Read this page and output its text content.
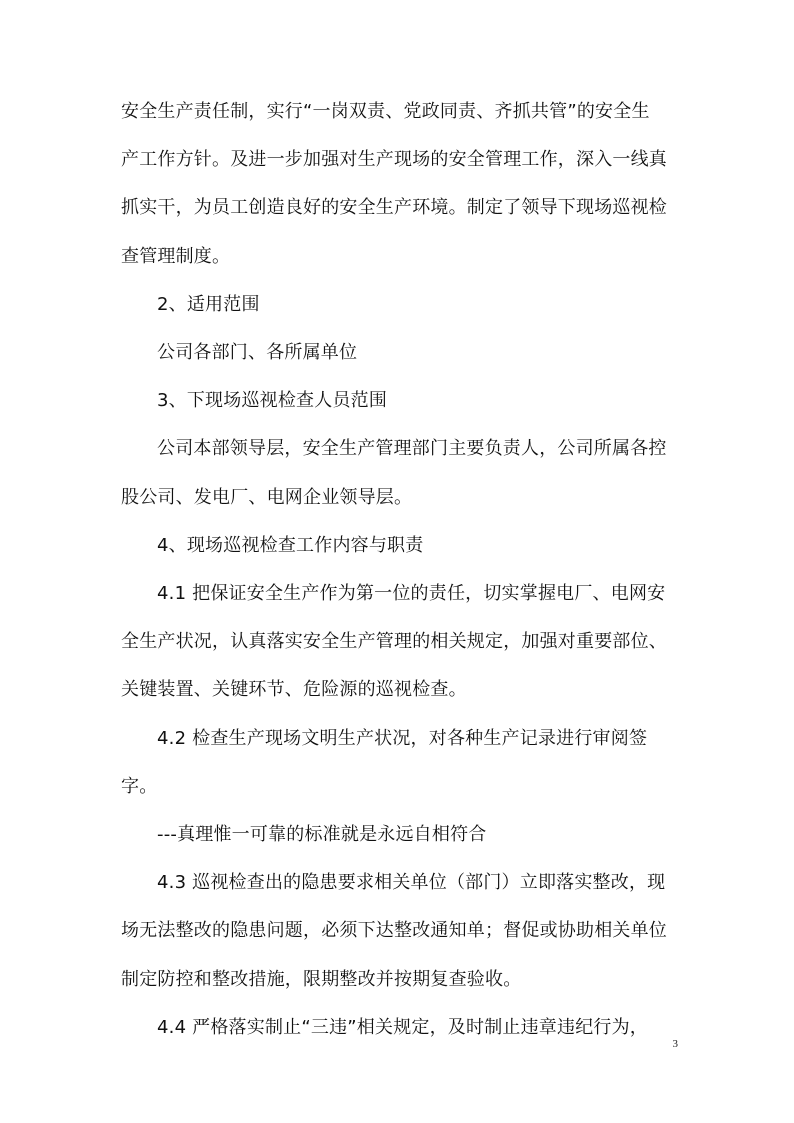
安全生产责任制，实行“一岗双责、党政同责、齐抓共管”的安全生
产工作方针。及进一步加强对生产现场的安全管理工作，深入一线真
抓实干，为员工创造良好的安全生产环境。制定了领导下现场巡视检
查管理制度。

2、适用范围

公司各部门、各所属单位

3、下现场巡视检查人员范围

公司本部领导层，安全生产管理部门主要负责人，公司所属各控
股公司、发电厂、电网企业领导层。

4、现场巡视检查工作内容与职责

4.1 把保证安全生产作为第一位的责任，切实掌握电厂、电网安
全生产状况，认真落实安全生产管理的相关规定，加强对重要部位、
关键装置、关键环节、危险源的巡视检查。

4.2 检查生产现场文明生产状况，对各种生产记录进行审阅签字。

---真理惟一可靠的标准就是永远自相符合

4.3 巡视检查出的隐患要求相关单位（部门）立即落实整改，现
场无法整改的隐患问题，必须下达整改通知单；督促或协助相关单位
制定防控和整改措施，限期整改并按期复查验收。

4.4 严格落实制止“三违”相关规定，及时制止违章违纪行为，

3
